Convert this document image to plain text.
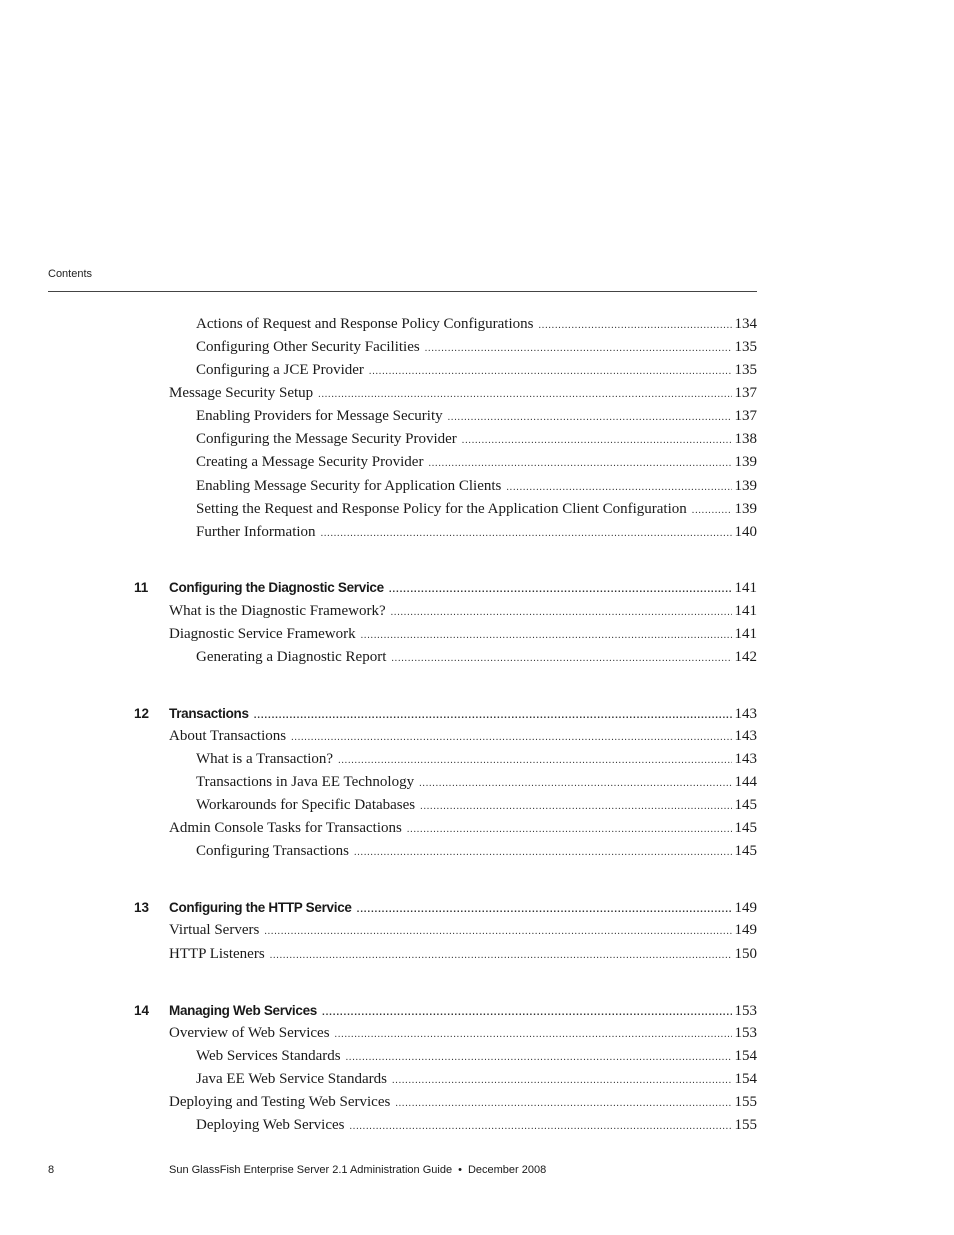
Contents
Actions of Request and Response Policy Configurations .....	134
Configuring Other Security Facilities .....	135
Configuring a JCE Provider .....	135
Message Security Setup .....	137
Enabling Providers for Message Security .....	137
Configuring the Message Security Provider .....	138
Creating a Message Security Provider .....	139
Enabling Message Security for Application Clients .....	139
Setting the Request and Response Policy for the Application Client Configuration .....	139
Further Information .....	140
11 Configuring the Diagnostic Service .....	141
What is the Diagnostic Framework? .....	141
Diagnostic Service Framework .....	141
Generating a Diagnostic Report .....	142
12 Transactions .....	143
About Transactions .....	143
What is a Transaction? .....	143
Transactions in Java EE Technology .....	144
Workarounds for Specific Databases .....	145
Admin Console Tasks for Transactions .....	145
Configuring Transactions .....	145
13 Configuring the HTTP Service .....	149
Virtual Servers .....	149
HTTP Listeners .....	150
14 Managing Web Services .....	153
Overview of Web Services .....	153
Web Services Standards .....	154
Java EE Web Service Standards .....	154
Deploying and Testing Web Services .....	155
Deploying Web Services .....	155
8	Sun GlassFish Enterprise Server 2.1 Administration Guide • December 2008
